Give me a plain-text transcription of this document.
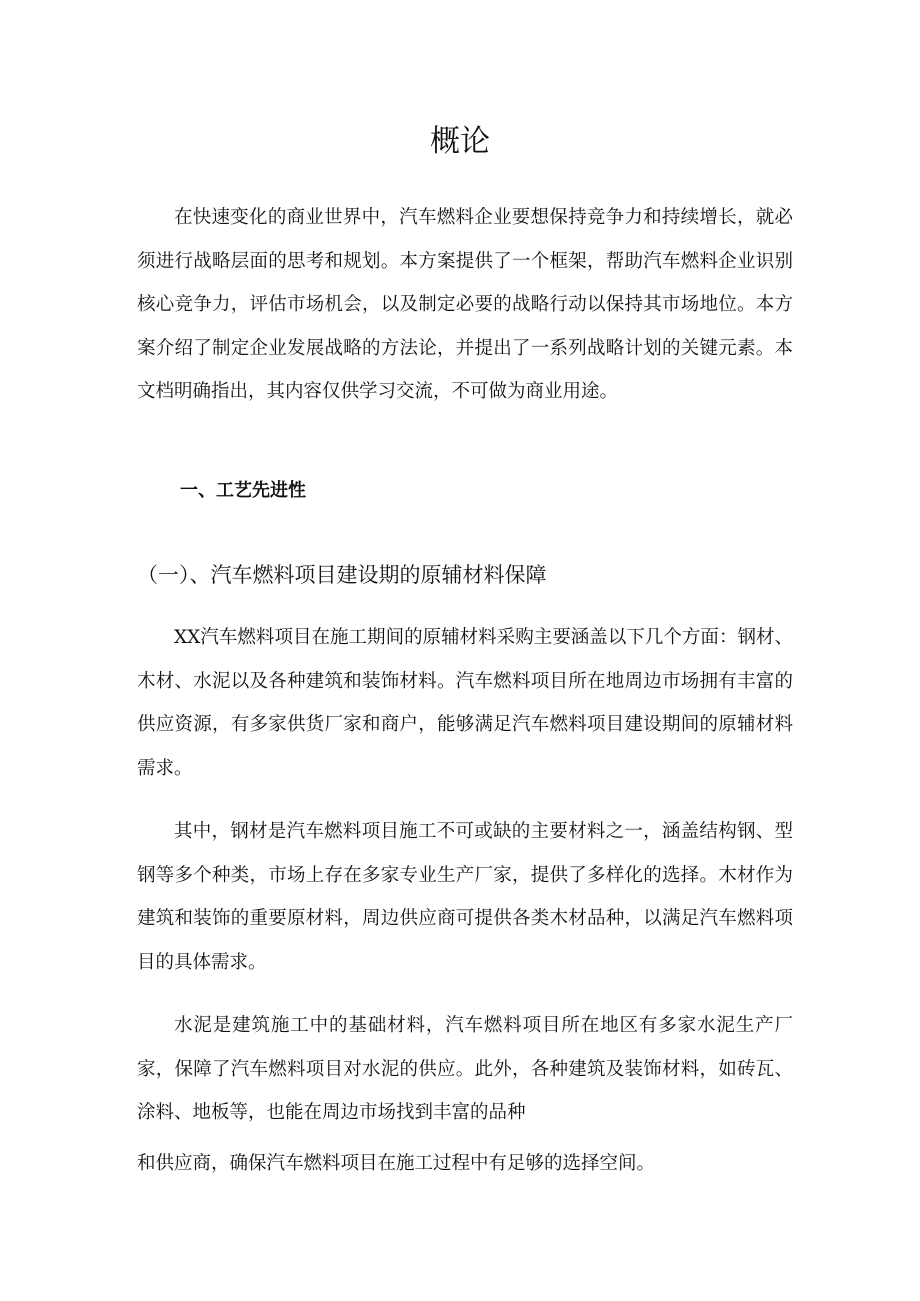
概论

在快速变化的商业世界中，汽车燃料企业要想保持竞争力和持续增长，就必须进行战略层面的思考和规划。本方案提供了一个框架，帮助汽车燃料企业识别核心竞争力，评估市场机会，以及制定必要的战略行动以保持其市场地位。本方案介绍了制定企业发展战略的方法论，并提出了一系列战略计划的关键元素。本文档明确指出，其内容仅供学习交流，不可做为商业用途。

一、工艺先进性
（一）、汽车燃料项目建设期的原辅材料保障

XX汽车燃料项目在施工期间的原辅材料采购主要涵盖以下几个方面：钢材、木材、水泥以及各种建筑和装饰材料。汽车燃料项目所在地周边市场拥有丰富的供应资源，有多家供货厂家和商户，能够满足汽车燃料项目建设期间的原辅材料需求。

其中，钢材是汽车燃料项目施工不可或缺的主要材料之一，涵盖结构钢、型钢等多个种类，市场上存在多家专业生产厂家，提供了多样化的选择。木材作为建筑和装饰的重要原材料，周边供应商可提供各类木材品种，以满足汽车燃料项目的具体需求。

水泥是建筑施工中的基础材料，汽车燃料项目所在地区有多家水泥生产厂家，保障了汽车燃料项目对水泥的供应。此外，各种建筑及装饰材料，如砖瓦、涂料、地板等，也能在周边市场找到丰富的品种

和供应商，确保汽车燃料项目在施工过程中有足够的选择空间。
